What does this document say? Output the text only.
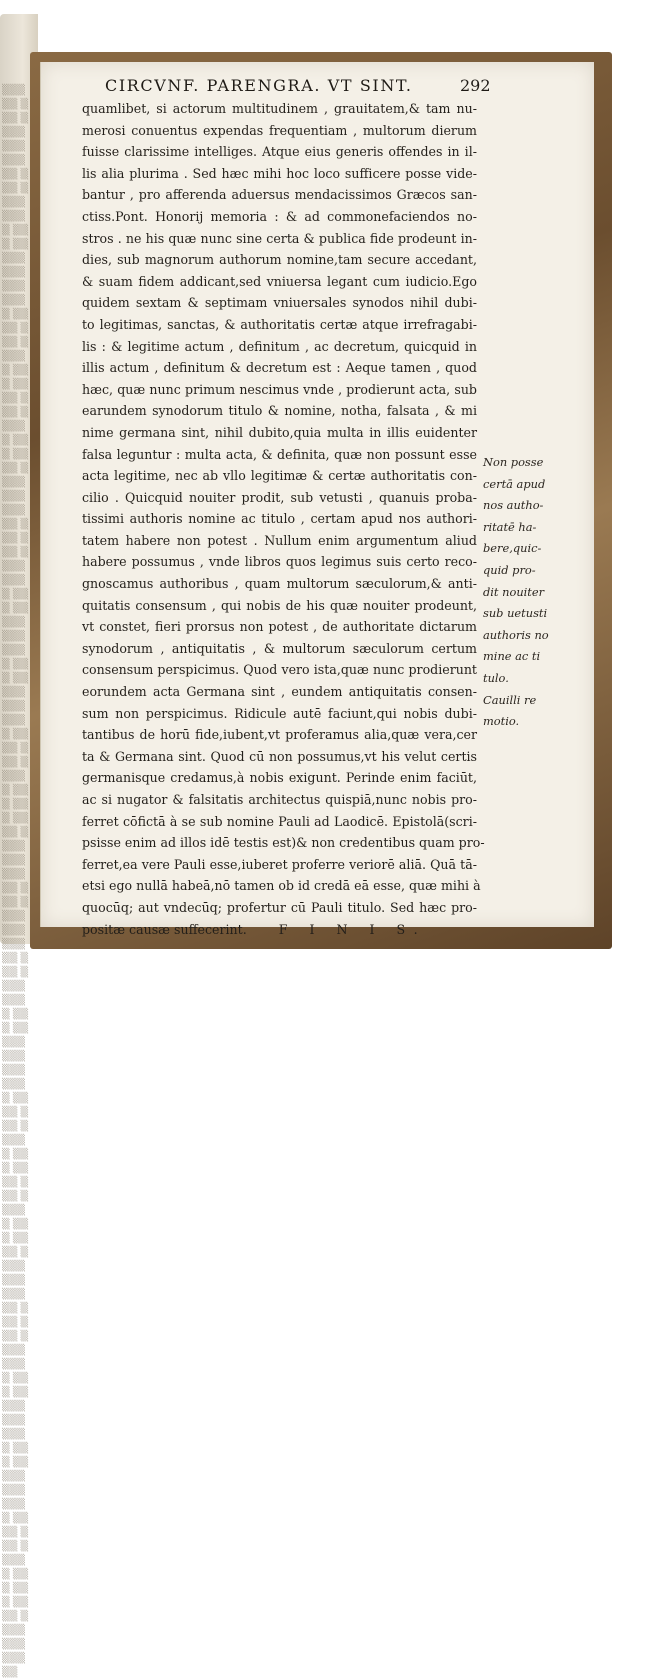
▒▒▒▒▒ ▒▒▒ ▒▒▒▒ ▒▒▒ ▒▒▒▒▒ ▒▒▒ ▒▒▒▒ ▒▒▒▒ ▒▒▒ ▒▒▒▒▒ ▒▒▒ ▒▒▒ ▒▒▒▒ ▒▒▒▒ ▒▒▒ ▒▒▒▒▒ ▒▒▒ ▒▒▒▒ ▒▒▒ ▒▒▒▒▒ ▒▒▒ ▒▒▒▒ ▒▒▒▒ ▒▒▒ ▒▒▒▒▒ ▒▒▒ ▒▒▒ ▒▒▒▒ ▒▒▒▒ ▒▒▒ ▒▒▒▒▒ ▒▒▒ ▒▒▒▒ ▒▒▒ ▒▒▒▒▒ ▒▒▒ ▒▒▒▒ ▒▒▒▒ ▒▒▒ ▒▒▒▒▒ ▒▒▒ ▒▒▒ ▒▒▒▒ ▒▒▒▒ ▒▒▒ ▒▒▒▒▒ ▒▒▒ ▒▒▒▒ ▒▒▒ ▒▒▒▒▒ ▒▒▒ ▒▒▒▒ ▒▒▒▒ ▒▒▒ ▒▒▒▒▒ ▒▒▒ ▒▒▒ ▒▒▒▒ ▒▒▒▒ ▒▒▒ ▒▒▒▒▒ ▒▒▒ ▒▒▒▒ ▒▒▒ ▒▒▒▒▒ ▒▒▒ ▒▒▒▒ ▒▒▒▒ ▒▒▒ ▒▒▒▒▒ ▒▒▒ ▒▒▒ ▒▒▒▒ ▒▒▒▒ ▒▒▒ ▒▒▒▒▒ ▒▒▒ ▒▒▒▒ ▒▒▒ ▒▒▒▒▒ ▒▒▒ ▒▒▒▒ ▒▒▒▒ ▒▒▒ ▒▒▒▒▒ ▒▒▒ ▒▒▒ ▒▒▒▒ ▒▒▒▒ ▒▒▒ ▒▒▒▒▒
CIRCVNF. PARENGRA. VT SINT.	292
quamlibet, si actorum multitudinem , grauitatem,& tam nu-
merosi conuentus expendas frequentiam , multorum dierum
fuisse clarissime intelliges. Atque eius generis offendes in il-
lis alia plurima . Sed hæc mihi hoc loco sufficere posse vide-
bantur , pro afferenda aduersus mendacissimos Græcos san-
ctiss.Pont. Honorij memoria : & ad commonefaciendos no-
stros . ne his quæ nunc sine certa & publica fide prodeunt in-
dies, sub magnorum authorum nomine,tam secure accedant,
& suam fidem addicant,sed vniuersa legant cum iudicio.Ego
quidem sextam & septimam vniuersales synodos nihil dubi-
to legitimas, sanctas, & authoritatis certæ atque irrefragabi-
lis : & legitime actum , definitum , ac decretum, quicquid in
illis actum , definitum & decretum est : Aeque tamen , quod
hæc, quæ nunc primum nescimus vnde , prodierunt acta, sub
earundem synodorum titulo & nomine, notha, falsata , & mi
nime germana sint, nihil dubito,quia multa in illis euidenter
falsa leguntur : multa acta, & definita, quæ non possunt esse
acta legitime, nec ab vllo legitimæ & certæ authoritatis con-
cilio . Quicquid nouiter prodit, sub vetusti , quanuis proba-
tissimi authoris nomine ac titulo , certam apud nos authori-
tatem habere non potest . Nullum enim argumentum aliud
habere possumus , vnde libros quos legimus suis certo reco-
gnoscamus authoribus , quam multorum sæculorum,& anti-
quitatis consensum , qui nobis de his quæ nouiter prodeunt,
vt constet, fieri prorsus non potest , de authoritate dictarum
synodorum , antiquitatis , & multorum sæculorum certum
consensum perspicimus. Quod vero ista,quæ nunc prodierunt
eorundem acta Germana sint , eundem antiquitatis consen-
sum non perspicimus. Ridicule autē faciunt,qui nobis dubi-
tantibus de horū fide,iubent,vt proferamus alia,quæ vera,cer
ta & Germana sint. Quod cū non possumus,vt his velut certis
germanisque credamus,à nobis exigunt. Perinde enim faciūt,
ac si nugator & falsitatis architectus quispiā,nunc nobis pro-
ferret cōfictā à se sub nomine Pauli ad Laodicē. Epistolā(scri-
psisse enim ad illos idē testis est)& non credentibus quam pro-
ferret,ea vere Pauli esse,iuberet proferre veriorē aliā. Quā tā-
etsi ego nullā habeā,nō tamen ob id credā eā esse, quæ mihi à
quocūq; aut vndecūq; profertur cū Pauli titulo. Sed hæc pro-
positæ causæ suffecerint.	F I N I S.
Non posse
certā apud
nos autho-
ritatē ha-
bere,quic-
quid pro-
dit nouiter
sub uetusti
authoris no
mine ac ti
tulo.
Cauilli re
motio.
